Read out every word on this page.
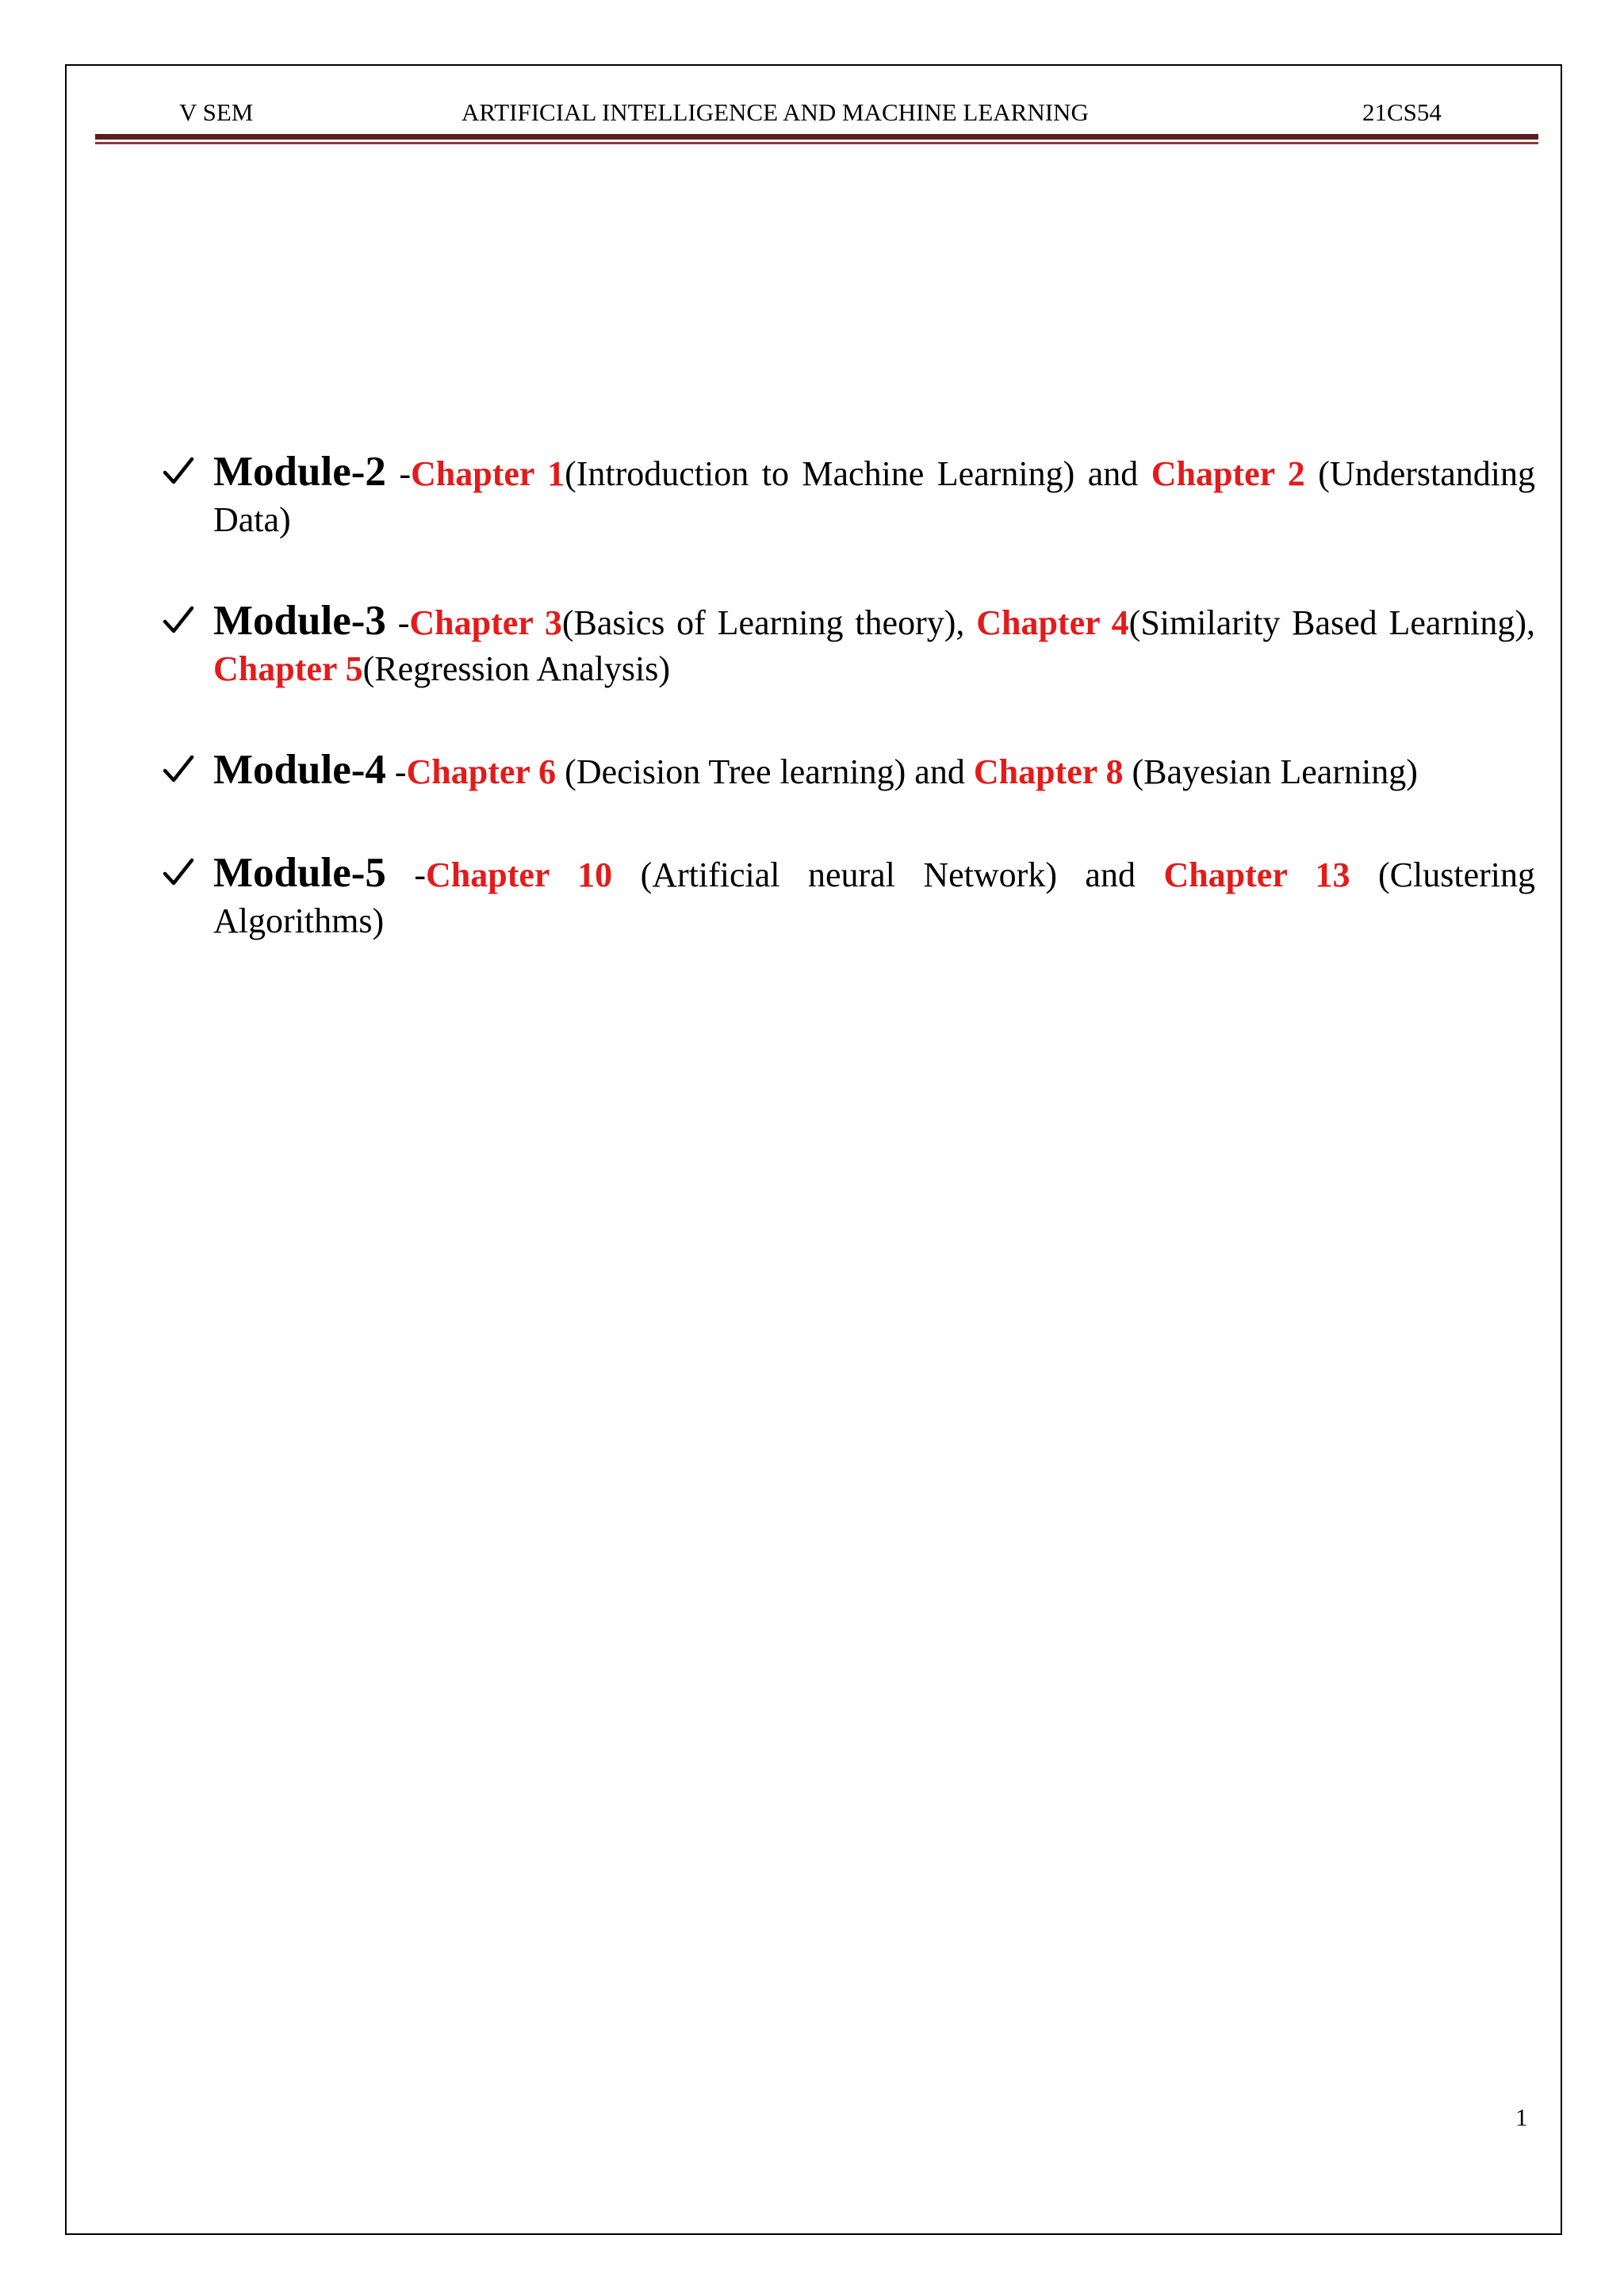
V SEM	ARTIFICIAL INTELLIGENCE AND MACHINE LEARNING	21CS54
Module-2 -Chapter 1(Introduction to Machine Learning) and Chapter 2 (Understanding Data)
Module-3 -Chapter 3(Basics of Learning theory), Chapter 4(Similarity Based Learning), Chapter 5(Regression Analysis)
Module-4 -Chapter 6 (Decision Tree learning) and Chapter 8 (Bayesian Learning)
Module-5 -Chapter 10 (Artificial neural Network) and Chapter 13 (Clustering Algorithms)
1
